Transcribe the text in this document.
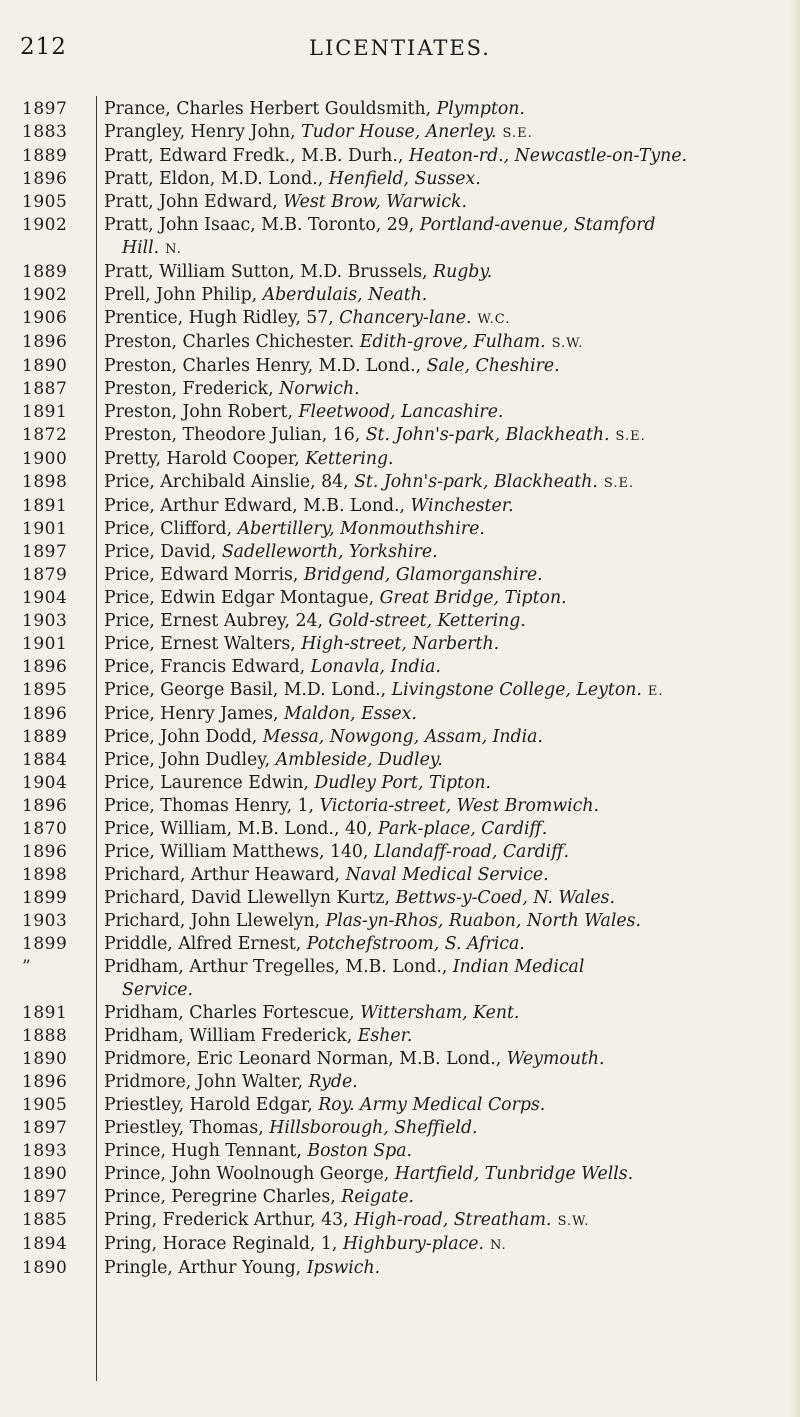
212	LICENTIATES.
1897	Prance, Charles Herbert Gouldsmith, Plympton.
1883	Prangley, Henry John, Tudor House, Anerley. S.E.
1889	Pratt, Edward Fredk., M.B. Durh., Heaton-rd., Newcastle-on-Tyne.
1896	Pratt, Eldon, M.D. Lond., Henfield, Sussex.
1905	Pratt, John Edward, West Brow, Warwick.
1902	Pratt, John Isaac, M.B. Toronto, 29, Portland-avenue, Stamford
Hill. N.
1889	Pratt, William Sutton, M.D. Brussels, Rugby.
1902	Prell, John Philip, Aberdulais, Neath.
1906	Prentice, Hugh Ridley, 57, Chancery-lane. W.C.
1896	Preston, Charles Chichester. Edith-grove, Fulham. S.W.
1890	Preston, Charles Henry, M.D. Lond., Sale, Cheshire.
1887	Preston, Frederick, Norwich.
1891	Preston, John Robert, Fleetwood, Lancashire.
1872	Preston, Theodore Julian, 16, St. John's-park, Blackheath. S.E.
1900	Pretty, Harold Cooper, Kettering.
1898	Price, Archibald Ainslie, 84, St. John's-park, Blackheath. S.E.
1891	Price, Arthur Edward, M.B. Lond., Winchester.
1901	Price, Clifford, Abertillery, Monmouthshire.
1897	Price, David, Sadelleworth, Yorkshire.
1879	Price, Edward Morris, Bridgend, Glamorganshire.
1904	Price, Edwin Edgar Montague, Great Bridge, Tipton.
1903	Price, Ernest Aubrey, 24, Gold-street, Kettering.
1901	Price, Ernest Walters, High-street, Narberth.
1896	Price, Francis Edward, Lonavla, India.
1895	Price, George Basil, M.D. Lond., Livingstone College, Leyton. E.
1896	Price, Henry James, Maldon, Essex.
1889	Price, John Dodd, Messa, Nowgong, Assam, India.
1884	Price, John Dudley, Ambleside, Dudley.
1904	Price, Laurence Edwin, Dudley Port, Tipton.
1896	Price, Thomas Henry, 1, Victoria-street, West Bromwich.
1870	Price, William, M.B. Lond., 40, Park-place, Cardiff.
1896	Price, William Matthews, 140, Llandaff-road, Cardiff.
1898	Prichard, Arthur Heaward, Naval Medical Service.
1899	Prichard, David Llewellyn Kurtz, Bettws-y-Coed, N. Wales.
1903	Prichard, John Llewelyn, Plas-yn-Rhos, Ruabon, North Wales.
1899	Priddle, Alfred Ernest, Potchefstroom, S. Africa.
”	Pridham, Arthur Tregelles, M.B. Lond., Indian Medical
Service.
1891	Pridham, Charles Fortescue, Wittersham, Kent.
1888	Pridham, William Frederick, Esher.
1890	Pridmore, Eric Leonard Norman, M.B. Lond., Weymouth.
1896	Pridmore, John Walter, Ryde.
1905	Priestley, Harold Edgar, Roy. Army Medical Corps.
1897	Priestley, Thomas, Hillsborough, Sheffield.
1893	Prince, Hugh Tennant, Boston Spa.
1890	Prince, John Woolnough George, Hartfield, Tunbridge Wells.
1897	Prince, Peregrine Charles, Reigate.
1885	Pring, Frederick Arthur, 43, High-road, Streatham. S.W.
1894	Pring, Horace Reginald, 1, Highbury-place. N.
1890	Pringle, Arthur Young, Ipswich.
